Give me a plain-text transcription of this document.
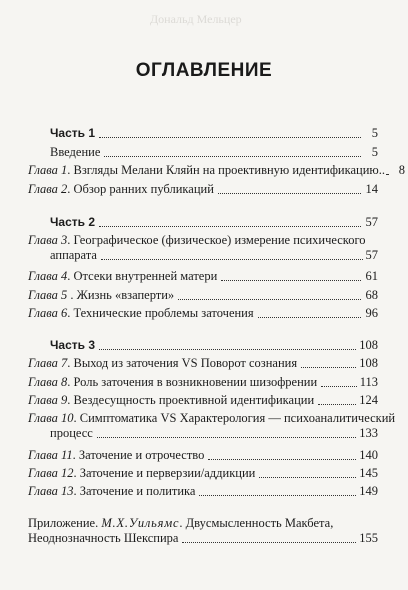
Дональд Мельцер
ОГЛАВЛЕНИЕ
Часть 1	5
Введение	5
Глава 1. Взгляды Мелани Кляйн на проективную идентификацию..	8
Глава 2. Обзор ранних публикаций	14
Часть 2	57
Глава 3. Географическое (физическое) измерение психического
аппарата	57
Глава 4. Отсеки внутренней матери	61
Глава 5 . Жизнь «взаперти»	68
Глава 6. Технические проблемы заточения	96
Часть 3	108
Глава 7. Выход из заточения VS Поворот сознания	108
Глава 8. Роль заточения в возникновении шизофрении	113
Глава 9. Вездесущность проективной идентификации	124
Глава 10. Симптоматика VS Характерология — психоаналитический
процесс	133
Глава 11. Заточение и отрочество	140
Глава 12. Заточение и перверзии/аддикции	145
Глава 13. Заточение и политика	149
Приложение. М.Х.Уильямс. Двусмысленность Макбета,
Неоднозначность Шекспира	155
